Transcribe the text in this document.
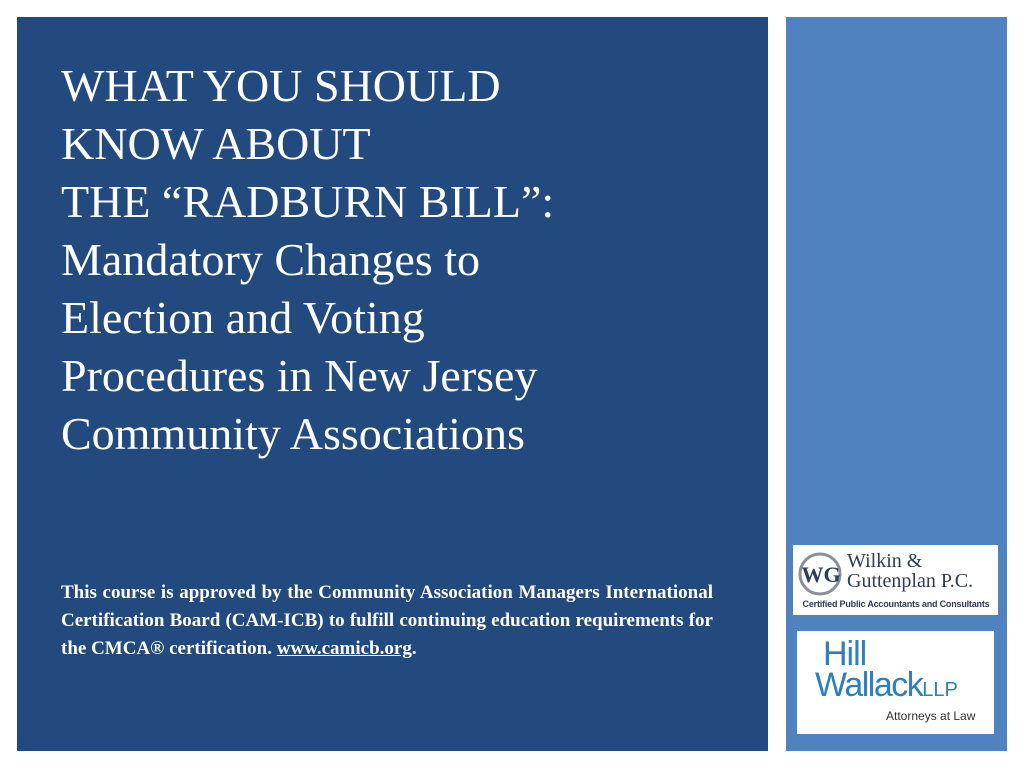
WHAT YOU SHOULD
KNOW ABOUT
THE “RADBURN BILL”:
Mandatory Changes to
Election and Voting
Procedures in New Jersey
Community Associations

This course is approved by the Community Association Managers International Certification Board (CAM-ICB) to fulfill continuing education requirements for the CMCA® certification. www.camicb.org.

WG
Wilkin &
Guttenplan P.C.
Certified Public Accountants and Consultants
Hill
WallackLLP
Attorneys at Law
